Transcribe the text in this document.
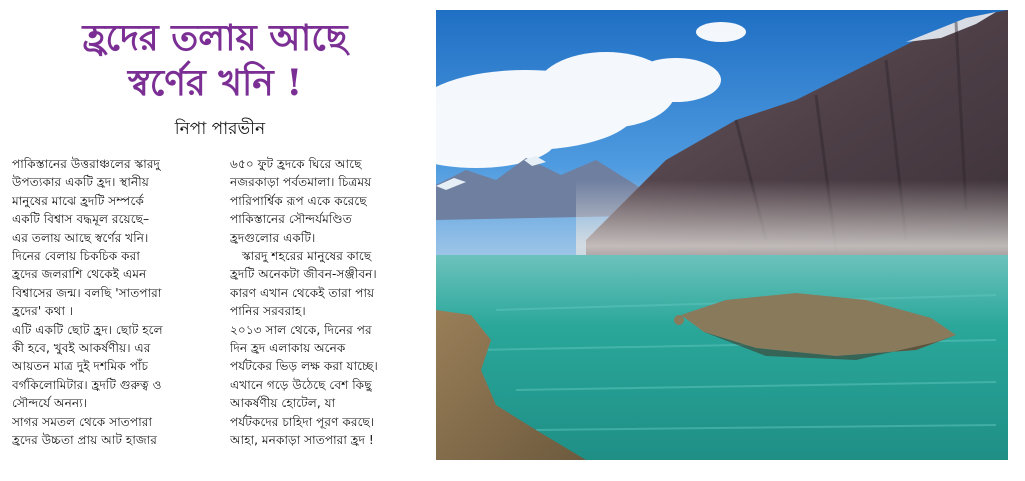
হ্রদের তলায় আছে
স্বর্ণের খনি !

নিপা পারভীন

পাকিস্তানের উত্তরাঞ্চলের স্কারদু
উপত্যকার একটি হ্রদ। স্থানীয়
মানুষের মাঝে হ্রদটি সম্পর্কে
একটি বিশ্বাস বদ্ধমূল রয়েছে–
এর তলায় আছে স্বর্ণের খনি।
দিনের বেলায় চিকচিক করা
হ্রদের জলরাশি থেকেই এমন
বিশ্বাসের জন্ম। বলছি 'সাতপারা
হ্রদের' কথা ।
এটি একটি ছোট হ্রদ। ছোট হলে
কী হবে, খুবই আকর্ষণীয়। এর
আয়তন মাত্র দুই দশমিক পাঁচ
বর্গকিলোমিটার। হ্রদটি গুরুত্ব ও
সৌন্দর্যে অনন্য।
সাগর সমতল থেকে সাতপারা
হ্রদের উচ্চতা প্রায় আট হাজার
৬৫০ ফুট হ্রদকে ঘিরে আছে
নজরকাড়া পর্বতমালা। চিত্রময়
পারিপার্শ্বিক রূপ একে করেছে
পাকিস্তানের সৌন্দর্যমণ্ডিত
হ্রদগুলোর একটি।
স্কারদু শহরের মানুষের কাছে
হ্রদটি অনেকটা জীবন-সঞ্জীবন।
কারণ এখান থেকেই তারা পায়
পানির সরবরাহ।
২০১৩ সাল থেকে, দিনের পর
দিন হ্রদ এলাকায় অনেক
পর্যটকের ভিড় লক্ষ করা যাচ্ছে।
এখানে গড়ে উঠেছে বেশ কিছু
আকর্ষণীয় হোটেল, যা
পর্যটকদের চাহিদা পূরণ করছে।
আহা, মনকাড়া সাতপারা হ্রদ !
